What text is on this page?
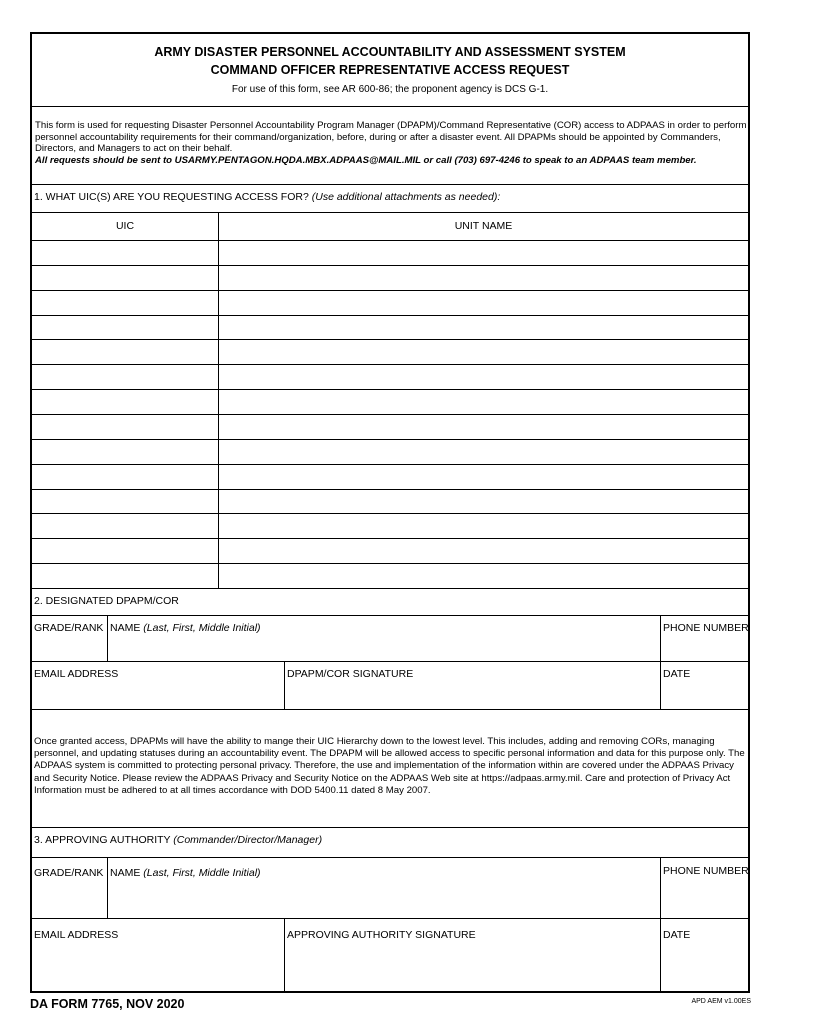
ARMY DISASTER PERSONNEL ACCOUNTABILITY AND ASSESSMENT SYSTEM
COMMAND OFFICER REPRESENTATIVE ACCESS REQUEST
For use of this form, see AR 600-86; the proponent agency is DCS G-1.

This form is used for requesting Disaster Personnel Accountability Program Manager (DPAPM)/Command Representative (COR) access to ADPAAS in order to perform personnel accountability requirements for their command/organization, before, during or after a disaster event. All DPAPMs should be appointed by Commanders, Directors, and Managers to act on their behalf.
All requests should be sent to USARMY.PENTAGON.HQDA.MBX.ADPAAS@MAIL.MIL or call (703) 697-4246 to speak to an ADPAAS team member.

1. WHAT UIC(S) ARE YOU REQUESTING ACCESS FOR? (Use additional attachments as needed):
UIC	UNIT NAME
2. DESIGNATED DPAPM/COR
GRADE/RANK NAME (Last, First, Middle Initial)	PHONE NUMBER
EMAIL ADDRESS	DPAPM/COR SIGNATURE	DATE

Once granted access, DPAPMs will have the ability to mange their UIC Hierarchy down to the lowest level. This includes, adding and removing CORs, managing personnel, and updating statuses during an accountability event. The DPAPM will be allowed access to specific personal information and data for this purpose only. The ADPAAS system is committed to protecting personal privacy. Therefore, the use and implementation of the information within are covered under the ADPAAS Privacy and Security Notice. Please review the ADPAAS Privacy and Security Notice on the ADPAAS Web site at https://adpaas.army.mil. Care and protection of Privacy Act Information must be adhered to at all times accordance with DOD 5400.11 dated 8 May 2007.

3. APPROVING AUTHORITY (Commander/Director/Manager)
GRADE/RANK NAME (Last, First, Middle Initial)	PHONE NUMBER
EMAIL ADDRESS	APPROVING AUTHORITY SIGNATURE	DATE
DA FORM 7765, NOV 2020	APD AEM v1.00ES
